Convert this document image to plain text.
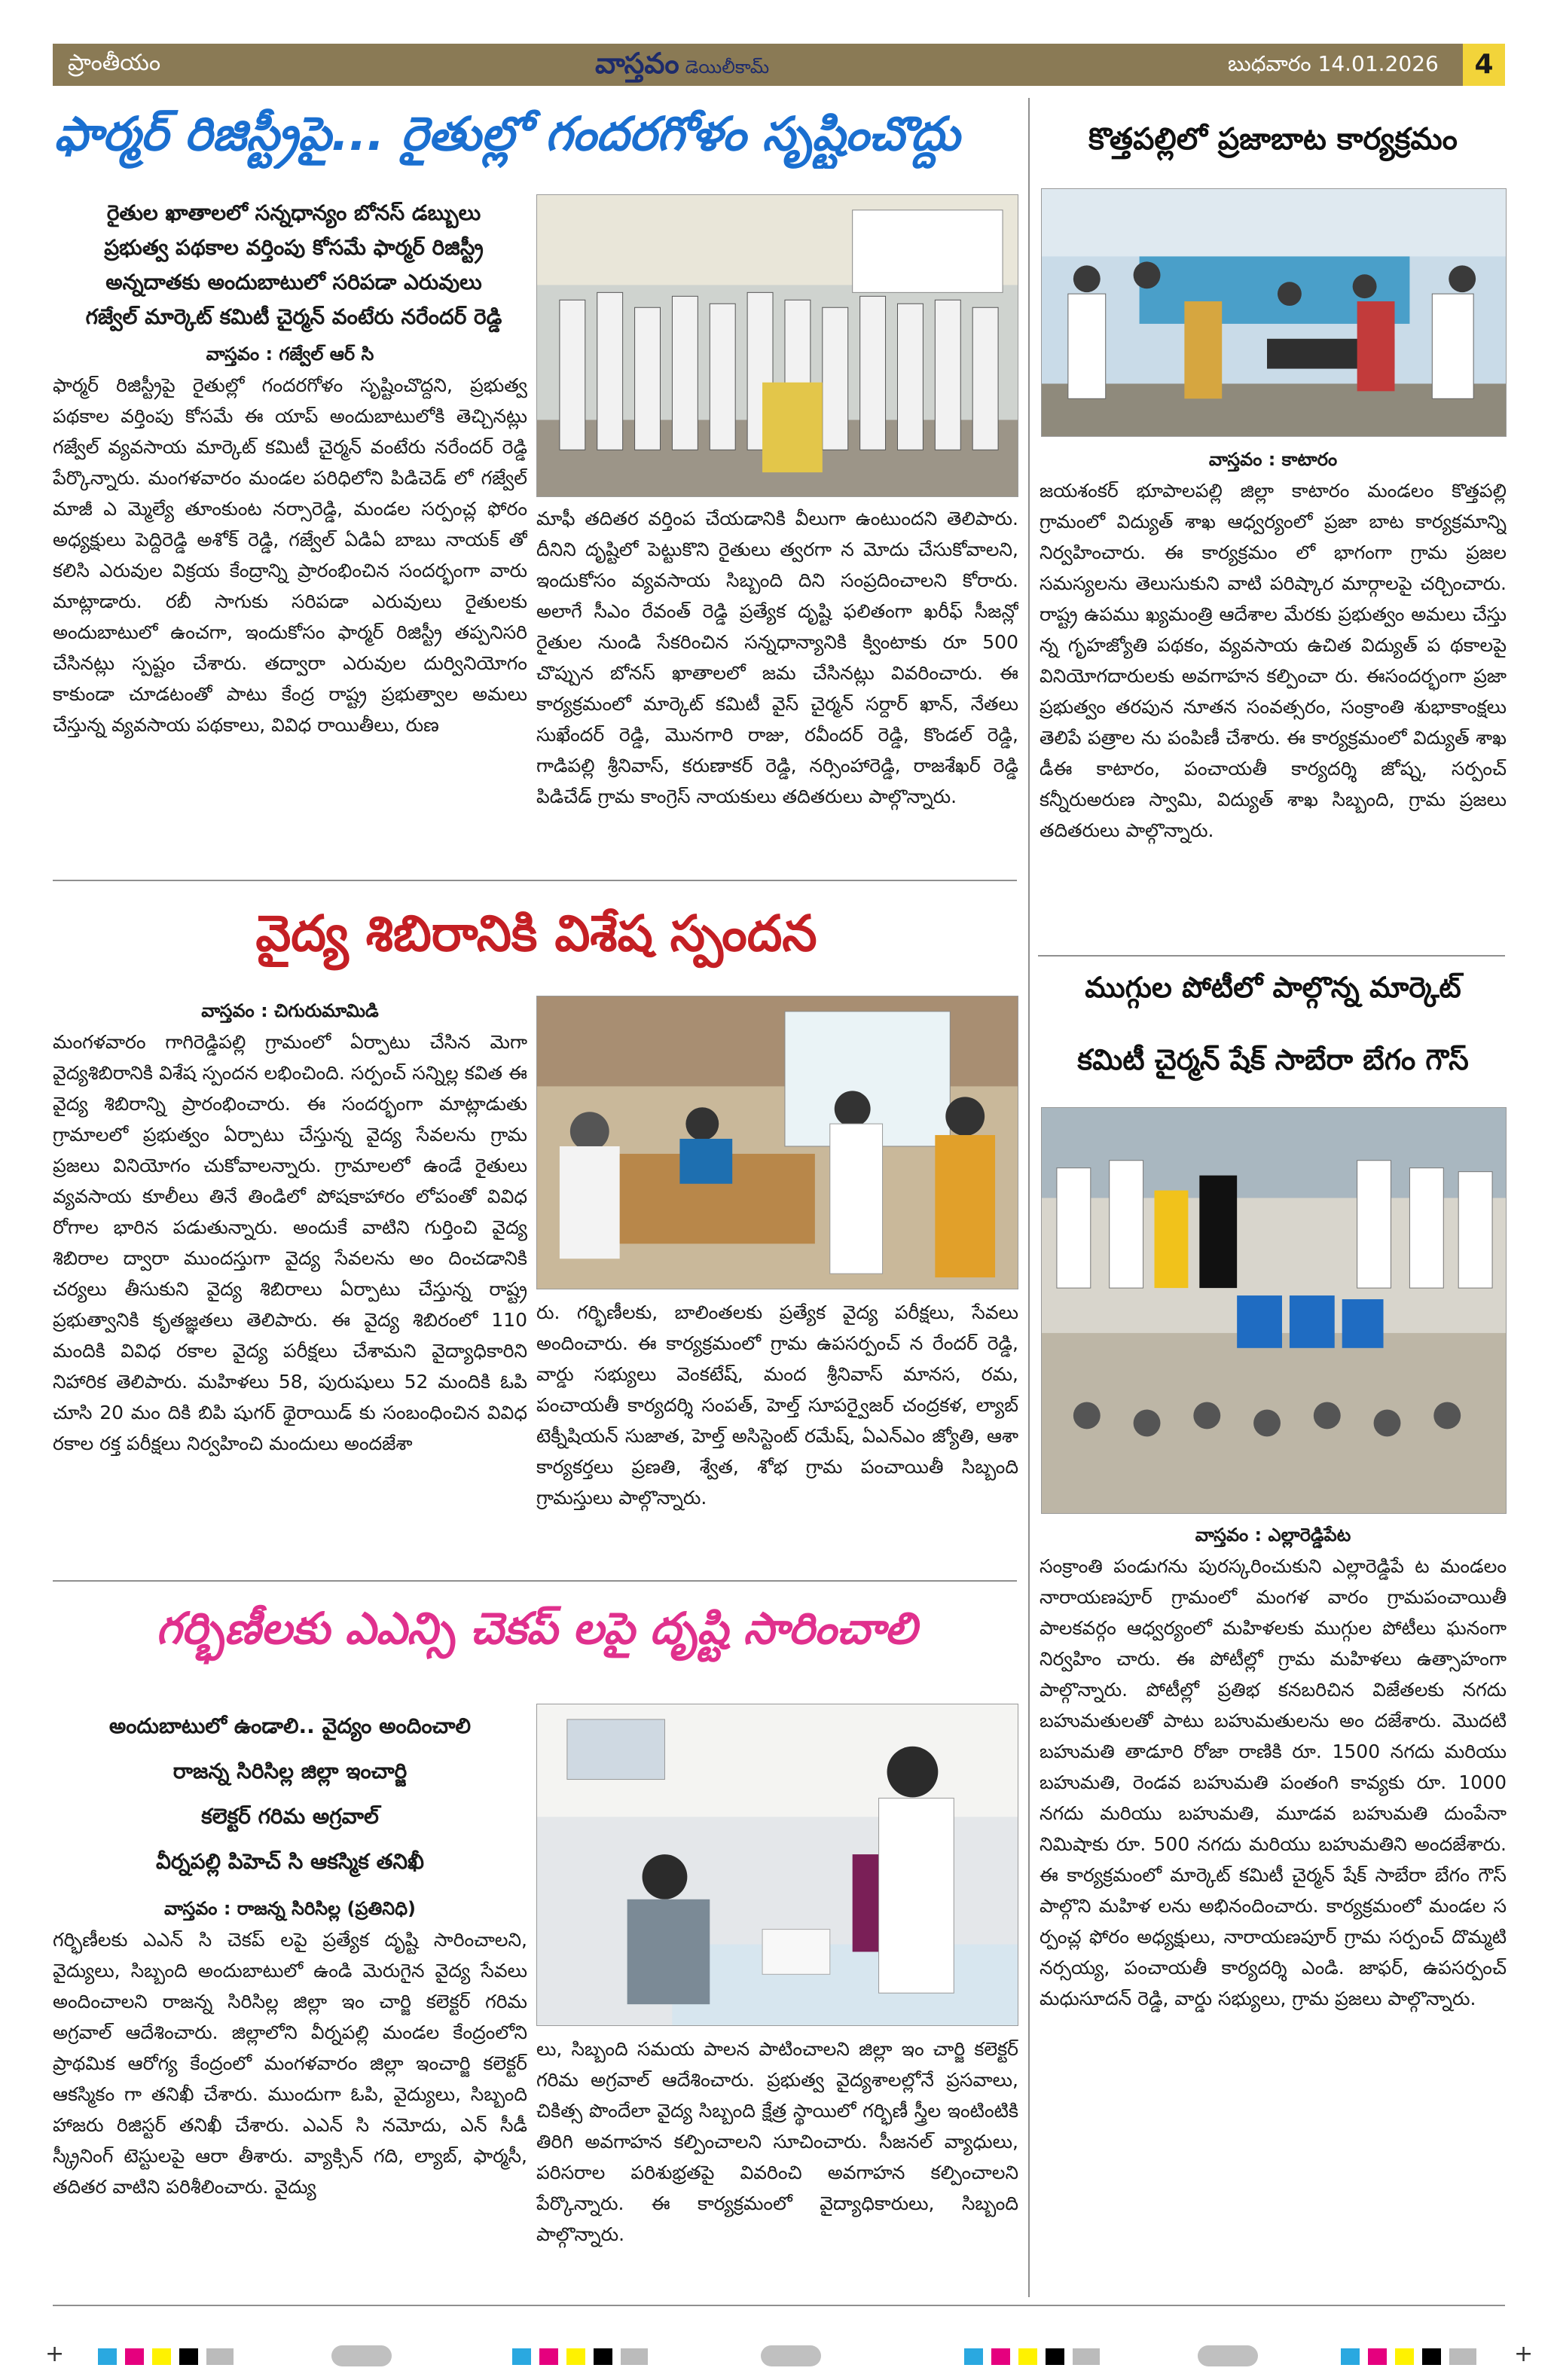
ప్రాంతీయం	వాస్తవం డెయిలీకామ్	బుధవారం 14.01.2026	4
ఫార్మర్ రిజిస్ట్రీపై... రైతుల్లో గందరగోళం సృష్టించొద్దు

రైతుల ఖాతాలలో సన్నధాన్యం బోనస్ డబ్బులు

ప్రభుత్వ పథకాల వర్తింపు కోసమే ఫార్మర్ రిజిస్ట్రీ

అన్నదాతకు అందుబాటులో సరిపడా ఎరువులు

గజ్వేల్ మార్కెట్ కమిటీ చైర్మన్ వంటేరు నరేందర్ రెడ్డి

వాస్తవం : గజ్వేల్ ఆర్ సి

ఫార్మర్ రిజిస్ట్రీపై రైతుల్లో గందరగోళం సృష్టించొద్దని, ప్రభుత్వ పథకాల వర్తింపు కోసమే ఈ యాప్ అందుబాటులోకి తెచ్చినట్లు గజ్వేల్ వ్యవసాయ మార్కెట్ కమిటీ చైర్మన్ వంటేరు నరేందర్ రెడ్డి పేర్కొన్నారు. మంగళవారం మండల పరిధిలోని పిడిచెడ్ లో గజ్వేల్ మాజీ ఎ మ్మెల్యే తూంకుంట నర్సారెడ్డి, మండల సర్పంచ్ల ఫోరం అధ్యక్షులు పెద్దిరెడ్డి అశోక్ రెడ్డి, గజ్వేల్ ఏడిఏ బాబు నాయక్ తో కలిసి ఎరువుల విక్రయ కేంద్రాన్ని ప్రారంభించిన సందర్భంగా వారు మాట్లాడారు. రబీ సాగుకు సరిపడా ఎరువులు రైతులకు అందుబాటులో ఉంచగా, ఇందుకోసం ఫార్మర్ రిజిస్ట్రీ తప్పనిసరి చేసినట్లు స్పష్టం చేశారు. తద్వారా ఎరువుల దుర్వినియోగం కాకుండా చూడటంతో పాటు కేంద్ర రాష్ట్ర ప్రభుత్వాల అమలు చేస్తున్న వ్యవసాయ పథకాలు, వివిధ రాయితీలు, రుణ

మాఫీ తదితర వర్తింప చేయడానికి వీలుగా ఉంటుందని తెలిపారు. దీనిని దృష్టిలో పెట్టుకొని రైతులు త్వరగా న మోదు చేసుకోవాలని, ఇందుకోసం వ్యవసాయ సిబ్బంది దిని సంప్రదించాలని కోరారు. అలాగే సీఎం రేవంత్ రెడ్డి ప్రత్యేక దృష్టి ఫలితంగా ఖరీఫ్ సీజన్లో రైతుల నుండి సేకరించిన సన్నధాన్యానికి క్వింటాకు రూ 500 చొప్పున బోనస్ ఖాతాలలో జమ చేసినట్లు వివరించారు. ఈ కార్యక్రమంలో మార్కెట్ కమిటీ వైస్ చైర్మన్ సర్దార్ ఖాన్, నేతలు సుఖేందర్ రెడ్డి, మొనగారి రాజు, రవీందర్ రెడ్డి, కొండల్ రెడ్డి, గాడిపల్లి శ్రీనివాస్, కరుణాకర్ రెడ్డి, నర్సింహారెడ్డి, రాజశేఖర్ రెడ్డి పిడిచేడ్ గ్రామ కాంగ్రెస్ నాయకులు తదితరులు పాల్గొన్నారు.

కొత్తపల్లిలో ప్రజాబాట కార్యక్రమం

వాస్తవం : కాటారం

జయశంకర్ భూపాలపల్లి జిల్లా కాటారం మండలం కొత్తపల్లి గ్రామంలో విద్యుత్ శాఖ ఆధ్వర్యంలో ప్రజా బాట కార్యక్రమాన్ని నిర్వహించారు. ఈ కార్యక్రమం లో భాగంగా గ్రామ ప్రజల సమస్యలను తెలుసుకుని వాటి పరిష్కార మార్గాలపై చర్చించారు. రాష్ట్ర ఉపము ఖ్యమంత్రి ఆదేశాల మేరకు ప్రభుత్వం అమలు చేస్తు న్న గృహజ్యోతి పథకం, వ్యవసాయ ఉచిత విద్యుత్ ప థకాలపై వినియోగదారులకు అవగాహన కల్పించా రు. ఈసందర్భంగా ప్రజా ప్రభుత్వం తరపున నూతన సంవత్సరం, సంక్రాంతి శుభాకాంక్షలు తెలిపే పత్రాల ను పంపిణీ చేశారు. ఈ కార్యక్రమంలో విద్యుత్ శాఖ డీఈ కాటారం, పంచాయతీ కార్యదర్శి జోష్న, సర్పంచ్ కన్నీరుఅరుణ స్వామి, విద్యుత్ శాఖ సిబ్బంది, గ్రామ ప్రజలు తదితరులు పాల్గొన్నారు.

వైద్య శిబిరానికి విశేష స్పందన

వాస్తవం : చిగురుమామిడి

మంగళవారం గాగిరెడ్డిపల్లి గ్రామంలో ఏర్పాటు చేసిన మెగా వైద్యశిబిరానికి విశేష స్పందన లభించింది. సర్పంచ్ సన్నిల్ల కవిత ఈ వైద్య శిబిరాన్ని ప్రారంభించారు. ఈ సందర్భంగా మాట్లాడుతు గ్రామాలలో ప్రభుత్వం ఏర్పాటు చేస్తున్న వైద్య సేవలను గ్రామ ప్రజలు వినియోగం చుకోవాలన్నారు. గ్రామాలలో ఉండే రైతులు వ్యవసాయ కూలీలు తినే తిండిలో పోషకాహారం లోపంతో వివిధ రోగాల భారిన పడుతున్నారు. అందుకే వాటిని గుర్తించి వైద్య శిబిరాల ద్వారా ముందస్తుగా వైద్య సేవలను అం దించడానికి చర్యలు తీసుకుని వైద్య శిబిరాలు ఏర్పాటు చేస్తున్న రాష్ట్ర ప్రభుత్వానికి కృతజ్ఞతలు తెలిపారు. ఈ వైద్య శిబిరంలో 110 మందికి వివిధ రకాల వైద్య పరీక్షలు చేశామని వైద్యాధికారిని నిహారిక తెలిపారు. మహిళలు 58, పురుషులు 52 మందికి ఓపి చూసి 20 మం దికి బిపి షుగర్ థైరాయిడ్ కు సంబంధించిన వివిధ రకాల రక్త పరీక్షలు నిర్వహించి మందులు అందజేశా

రు. గర్భిణీలకు, బాలింతలకు ప్రత్యేక వైద్య పరీక్షలు, సేవలు అందించారు. ఈ కార్యక్రమంలో గ్రామ ఉపసర్పంచ్ న రేందర్ రెడ్డి, వార్డు సభ్యులు వెంకటేష్, మంద శ్రీనివాస్ మానస, రమ, పంచాయతీ కార్యదర్శి సంపత్, హెల్త్ సూపర్వైజర్ చంద్రకళ, ల్యాబ్ టెక్నీషియన్ సుజాత, హెల్త్ అసిస్టెంట్ రమేష్, ఏఎన్ఎం జ్యోతి, ఆశా కార్యకర్తలు ప్రణతి, శ్వేత, శోభ గ్రామ పంచాయితీ సిబ్బంది గ్రామస్తులు పాల్గొన్నారు.

ముగ్గుల పోటీలో పాల్గొన్న మార్కెట్
కమిటీ చైర్మన్ షేక్ సాబేరా బేగం గౌస్

వాస్తవం : ఎల్లారెడ్డిపేట

సంక్రాంతి పండుగను పురస్కరించుకుని ఎల్లారెడ్డిపే ట మండలం నారాయణపూర్ గ్రామంలో మంగళ వారం గ్రామపంచాయితీ పాలకవర్గం ఆధ్వర్యంలో మహిళలకు ముగ్గుల పోటీలు ఘనంగా నిర్వహిం చారు. ఈ పోటీల్లో గ్రామ మహిళలు ఉత్సాహంగా పాల్గొన్నారు. పోటీల్లో ప్రతిభ కనబరిచిన విజేతలకు నగదు బహుమతులతో పాటు బహుమతులను అం దజేశారు. మొదటి బహుమతి తాడూరి రోజా రాణికి రూ. 1500 నగదు మరియు బహుమతి, రెండవ బహుమతి పంతంగి కావ్యకు రూ. 1000 నగదు మరియు బహుమతి, మూడవ బహుమతి దుంపేనా నిమిషాకు రూ. 500 నగదు మరియు బహుమతిని అందజేశారు. ఈ కార్యక్రమంలో మార్కెట్ కమిటీ చైర్మన్ షేక్ సాబేరా బేగం గౌస్ పాల్గొని మహిళ లను అభినందించారు. కార్యక్రమంలో మండల స ర్పంచ్ల ఫోరం అధ్యక్షులు, నారాయణపూర్ గ్రామ సర్పంచ్ దొమ్మటి నర్సయ్య, పంచాయతీ కార్యదర్శి ఎండి. జాఫర్, ఉపసర్పంచ్ మధుసూదన్ రెడ్డి, వార్డు సభ్యులు, గ్రామ ప్రజలు పాల్గొన్నారు.

గర్భిణీలకు ఎఎన్సి చెకప్ లపై దృష్టి సారించాలి

అందుబాటులో ఉండాలి.. వైద్యం అందించాలి

రాజన్న సిరిసిల్ల జిల్లా ఇంచార్జి

కలెక్టర్ గరిమ అగ్రవాల్

వీర్నపల్లి పిహెచ్ సి ఆకస్మిక తనిఖీ

వాస్తవం : రాజన్న సిరిసిల్ల (ప్రతినిధి)

గర్భిణీలకు ఎఎన్ సి చెకప్ లపై ప్రత్యేక దృష్టి సారించాలని, వైద్యులు, సిబ్బంది అందుబాటులో ఉండి మెరుగైన వైద్య సేవలు అందించాలని రాజన్న సిరిసిల్ల జిల్లా ఇం చార్జి కలెక్టర్ గరిమ అగ్రవాల్ ఆదేశించారు. జిల్లాలోని వీర్నపల్లి మండల కేంద్రంలోని ప్రాథమిక ఆరోగ్య కేంద్రంలో మంగళవారం జిల్లా ఇంచార్జి కలెక్టర్ ఆకస్మికం గా తనిఖీ చేశారు. ముందుగా ఓపి, వైద్యులు, సిబ్బంది హాజరు రిజిస్టర్ తనిఖీ చేశారు. ఎఎన్ సి నమోదు, ఎన్ సీడీ స్క్రీనింగ్ టెస్టులపై ఆరా తీశారు. వ్యాక్సిన్ గది, ల్యాబ్, ఫార్మసీ, తదితర వాటిని పరిశీలించారు. వైద్యు

లు, సిబ్బంది సమయ పాలన పాటించాలని జిల్లా ఇం చార్జి కలెక్టర్ గరిమ అగ్రవాల్ ఆదేశించారు. ప్రభుత్వ వైద్యశాలల్లోనే ప్రసవాలు, చికిత్స పొందేలా వైద్య సిబ్బంది క్షేత్ర స్థాయిలో గర్భిణీ స్త్రీల ఇంటింటికి తిరిగి అవగాహన కల్పించాలని సూచించారు. సీజనల్ వ్యాధులు, పరిసరాల పరిశుభ్రతపై వివరించి అవగాహన కల్పించాలని పేర్కొన్నారు. ఈ కార్యక్రమంలో వైద్యాధికారులు, సిబ్బంది పాల్గొన్నారు.

+	+
